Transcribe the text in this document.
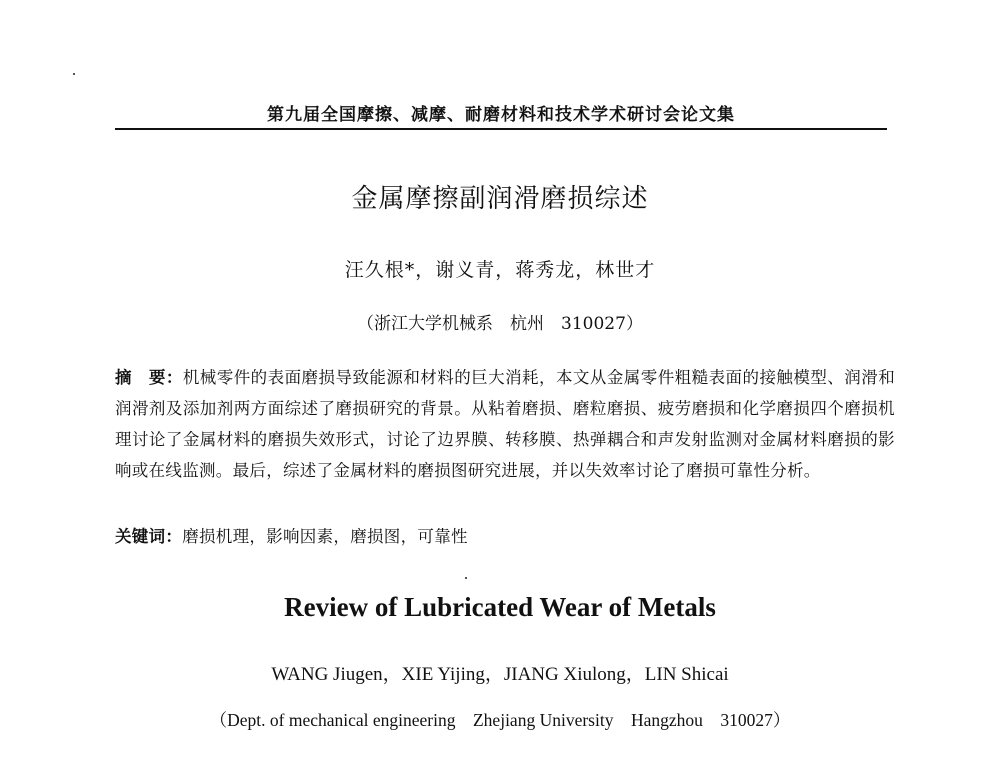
第九届全国摩擦、减摩、耐磨材料和技术学术研讨会论文集
金属摩擦副润滑磨损综述
汪久根*，谢义青，蒋秀龙，林世才
（浙江大学机械系　杭州　310027）
摘　要：机械零件的表面磨损导致能源和材料的巨大消耗，本文从金属零件粗糙表面的接触模型、润滑和润滑剂及添加剂两方面综述了磨损研究的背景。从粘着磨损、磨粒磨损、疲劳磨损和化学磨损四个磨损机理讨论了金属材料的磨损失效形式，讨论了边界膜、转移膜、热弹耦合和声发射监测对金属材料磨损的影响或在线监测。最后，综述了金属材料的磨损图研究进展，并以失效率讨论了磨损可靠性分析。
关键词：磨损机理，影响因素，磨损图，可靠性
Review of Lubricated Wear of Metals
WANG Jiugen，XIE Yijing，JIANG Xiulong，LIN Shicai
（Dept. of mechanical engineering　Zhejiang University　Hangzhou　310027）
